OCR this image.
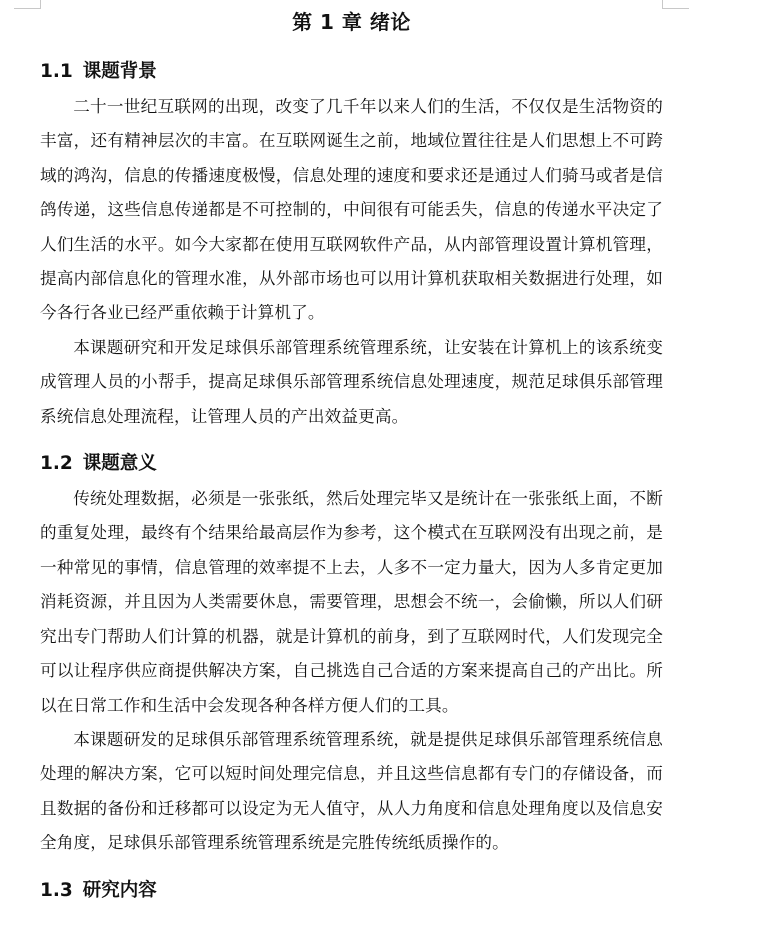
第 1 章 绪论
1.1 课题背景

二十一世纪互联网的出现，改变了几千年以来人们的生活，不仅仅是生活物资的丰富，还有精神层次的丰富。在互联网诞生之前，地域位置往往是人们思想上不可跨域的鸿沟，信息的传播速度极慢，信息处理的速度和要求还是通过人们骑马或者是信鸽传递，这些信息传递都是不可控制的，中间很有可能丢失，信息的传递水平决定了人们生活的水平。如今大家都在使用互联网软件产品，从内部管理设置计算机管理，提高内部信息化的管理水准，从外部市场也可以用计算机获取相关数据进行处理，如今各行各业已经严重依赖于计算机了。

本课题研究和开发足球俱乐部管理系统管理系统，让安装在计算机上的该系统变成管理人员的小帮手，提高足球俱乐部管理系统信息处理速度，规范足球俱乐部管理系统信息处理流程，让管理人员的产出效益更高。

1.2 课题意义

传统处理数据，必须是一张张纸，然后处理完毕又是统计在一张张纸上面，不断的重复处理，最终有个结果给最高层作为参考，这个模式在互联网没有出现之前，是一种常见的事情，信息管理的效率提不上去，人多不一定力量大，因为人多肯定更加消耗资源，并且因为人类需要休息，需要管理，思想会不统一，会偷懒，所以人们研究出专门帮助人们计算的机器，就是计算机的前身，到了互联网时代，人们发现完全可以让程序供应商提供解决方案，自己挑选自己合适的方案来提高自己的产出比。所以在日常工作和生活中会发现各种各样方便人们的工具。

本课题研发的足球俱乐部管理系统管理系统，就是提供足球俱乐部管理系统信息处理的解决方案，它可以短时间处理完信息，并且这些信息都有专门的存储设备，而且数据的备份和迁移都可以设定为无人值守，从人力角度和信息处理角度以及信息安全角度，足球俱乐部管理系统管理系统是完胜传统纸质操作的。

1.3 研究内容
